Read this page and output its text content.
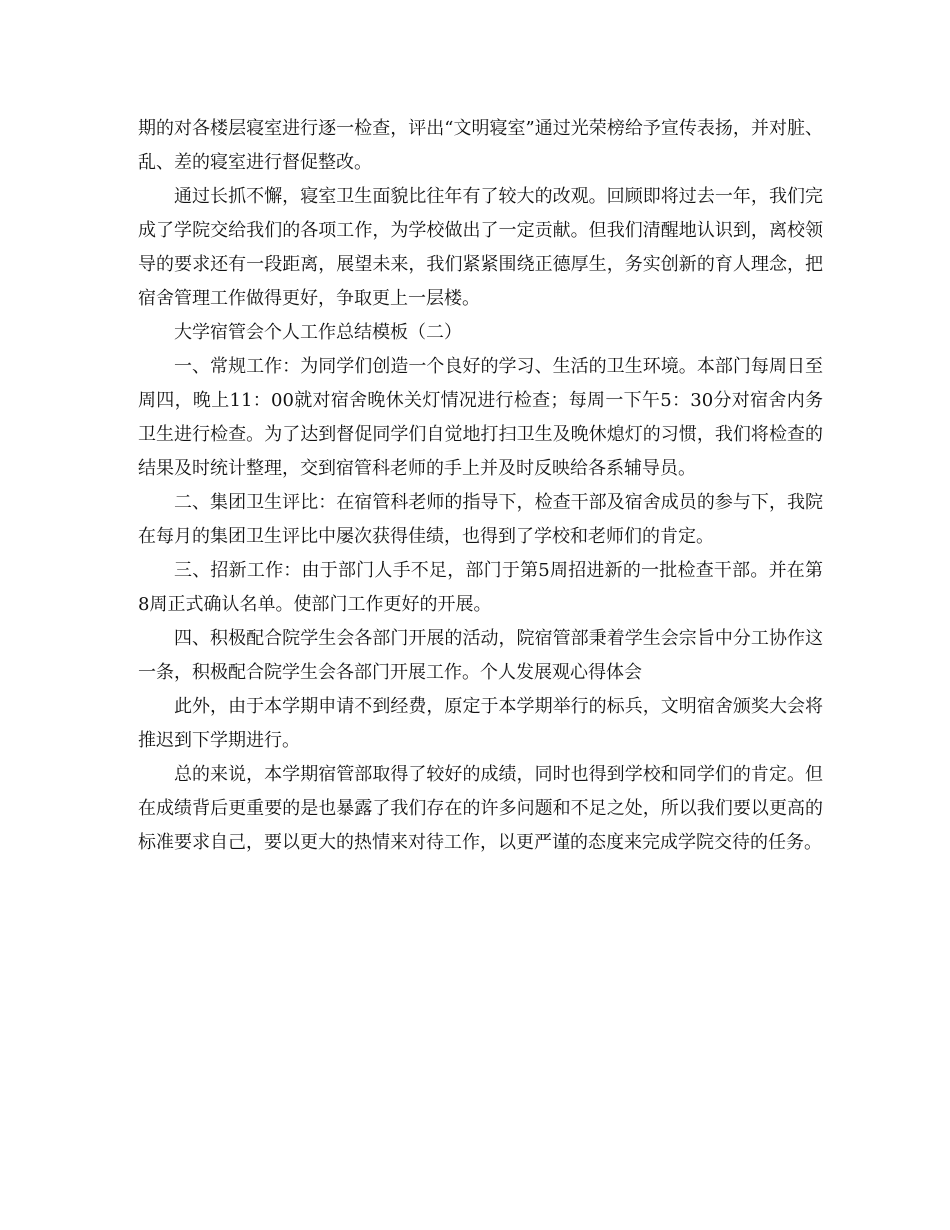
期的对各楼层寝室进行逐一检查，评出“文明寝室”通过光荣榜给予宣传表扬，并对脏、乱、差的寝室进行督促整改。

通过长抓不懈，寝室卫生面貌比往年有了较大的改观。回顾即将过去一年，我们完成了学院交给我们的各项工作，为学校做出了一定贡献。但我们清醒地认识到，离校领导的要求还有一段距离，展望未来，我们紧紧围绕正德厚生，务实创新的育人理念，把宿舍管理工作做得更好，争取更上一层楼。

大学宿管会个人工作总结模板（二）

一、常规工作：为同学们创造一个良好的学习、生活的卫生环境。本部门每周日至周四，晚上11：00就对宿舍晚休关灯情况进行检查；每周一下午5：30分对宿舍内务卫生进行检查。为了达到督促同学们自觉地打扫卫生及晚休熄灯的习惯，我们将检查的结果及时统计整理，交到宿管科老师的手上并及时反映给各系辅导员。

二、集团卫生评比：在宿管科老师的指导下，检查干部及宿舍成员的参与下，我院在每月的集团卫生评比中屡次获得佳绩，也得到了学校和老师们的肯定。

三、招新工作：由于部门人手不足，部门于第5周招进新的一批检查干部。并在第8周正式确认名单。使部门工作更好的开展。

四、积极配合院学生会各部门开展的活动，院宿管部秉着学生会宗旨中分工协作这一条，积极配合院学生会各部门开展工作。个人发展观心得体会

此外，由于本学期申请不到经费，原定于本学期举行的标兵，文明宿舍颁奖大会将推迟到下学期进行。

总的来说，本学期宿管部取得了较好的成绩，同时也得到学校和同学们的肯定。但在成绩背后更重要的是也暴露了我们存在的许多问题和不足之处，所以我们要以更高的标准要求自己，要以更大的热情来对待工作，以更严谨的态度来完成学院交待的任务。
